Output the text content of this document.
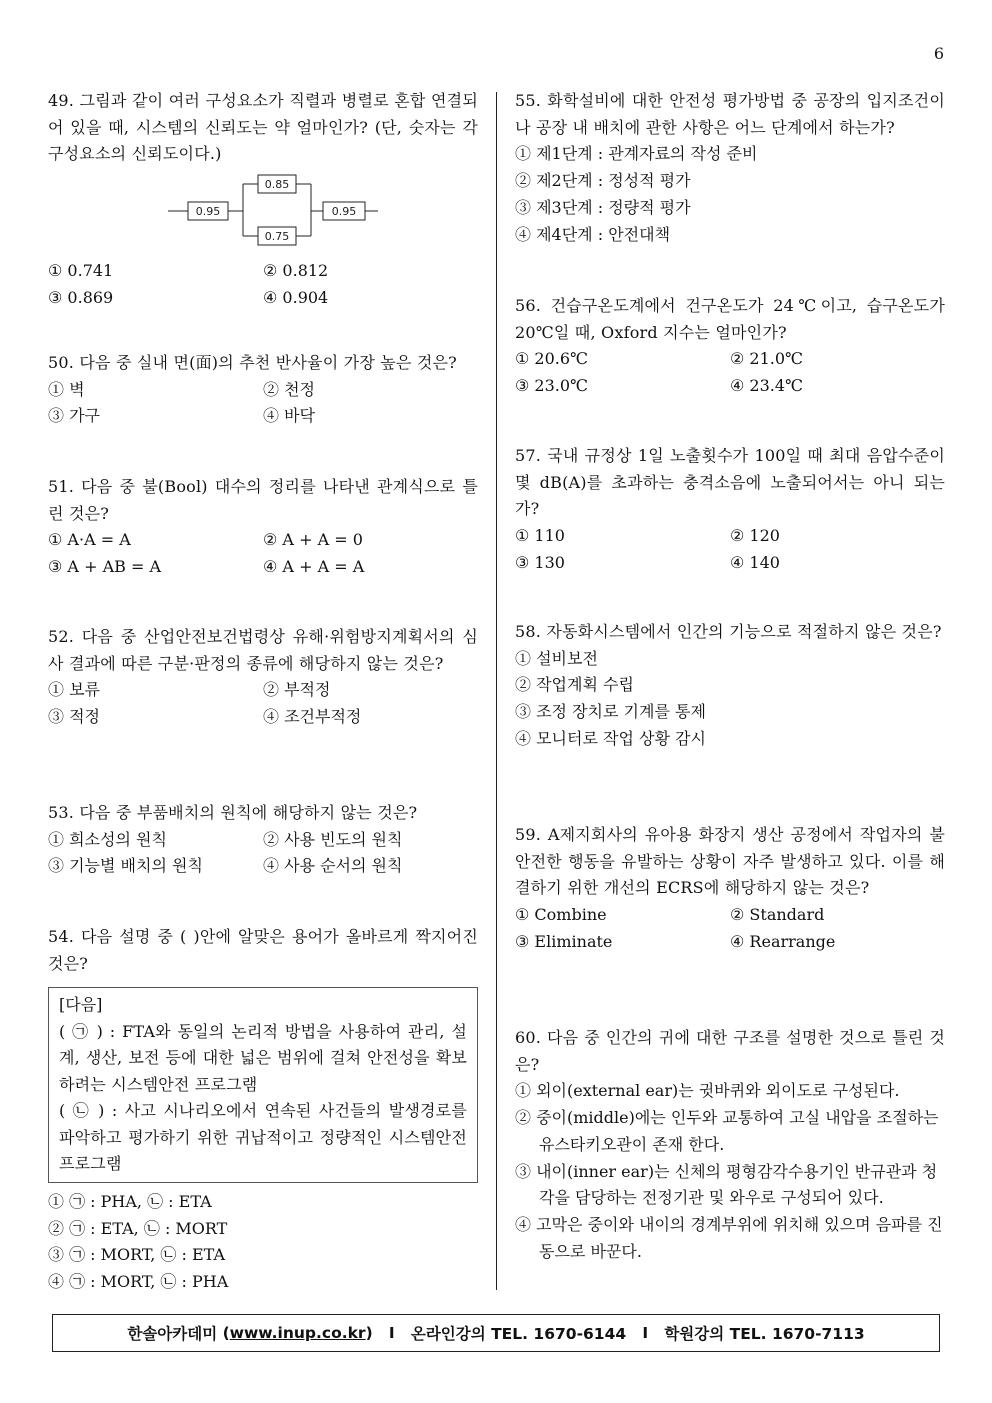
6
49. 그림과 같이 여러 구성요소가 직렬과 병렬로 혼합 연결되어 있을 때, 시스템의 신뢰도는 약 얼마인가? (단, 숫자는 각 구성요소의 신뢰도이다.)
0.95
0.85
0.75
0.95
① 0.741	② 0.812
③ 0.869	④ 0.904
50. 다음 중 실내 면(面)의 추천 반사율이 가장 높은 것은?
① 벽	② 천정
③ 가구	④ 바닥
51. 다음 중 불(Bool) 대수의 정리를 나타낸 관계식으로 틀린 것은?
① A·A = A	② A + A = 0
③ A + AB = A	④ A + A = A
52. 다음 중 산업안전보건법령상 유해·위험방지계획서의 심사 결과에 따른 구분·판정의 종류에 해당하지 않는 것은?
① 보류	② 부적정
③ 적정	④ 조건부적정
53. 다음 중 부품배치의 원칙에 해당하지 않는 것은?
① 희소성의 원칙	② 사용 빈도의 원칙
③ 기능별 배치의 원칙	④ 사용 순서의 원칙
54. 다음 설명 중 ( )안에 알맞은 용어가 올바르게 짝지어진 것은?
[다음]
( ㉠ ) : FTA와 동일의 논리적 방법을 사용하여 관리, 설계, 생산, 보전 등에 대한 넓은 범위에 걸쳐 안전성을 확보하려는 시스템안전 프로그램
( ㉡ ) : 사고 시나리오에서 연속된 사건들의 발생경로를 파악하고 평가하기 위한 귀납적이고 정량적인 시스템안전 프로그램
① ㉠ : PHA, ㉡ : ETA
② ㉠ : ETA, ㉡ : MORT
③ ㉠ : MORT, ㉡ : ETA
④ ㉠ : MORT, ㉡ : PHA
55. 화학설비에 대한 안전성 평가방법 중 공장의 입지조건이나 공장 내 배치에 관한 사항은 어느 단계에서 하는가?
① 제1단계 : 관계자료의 작성 준비
② 제2단계 : 정성적 평가
③ 제3단계 : 정량적 평가
④ 제4단계 : 안전대책
56. 건습구온도계에서 건구온도가 24℃이고, 습구온도가 20℃일 때, Oxford 지수는 얼마인가?
① 20.6℃	② 21.0℃
③ 23.0℃	④ 23.4℃
57. 국내 규정상 1일 노출횟수가 100일 때 최대 음압수준이 몇 dB(A)를 초과하는 충격소음에 노출되어서는 아니 되는가?
① 110	② 120
③ 130	④ 140
58. 자동화시스템에서 인간의 기능으로 적절하지 않은 것은?
① 설비보전
② 작업계획 수립
③ 조정 장치로 기계를 통제
④ 모니터로 작업 상황 감시
59. A제지회사의 유아용 화장지 생산 공정에서 작업자의 불안전한 행동을 유발하는 상황이 자주 발생하고 있다. 이를 해결하기 위한 개선의 ECRS에 해당하지 않는 것은?
① Combine	② Standard
③ Eliminate	④ Rearrange
60. 다음 중 인간의 귀에 대한 구조를 설명한 것으로 틀린 것은?
① 외이(external ear)는 귓바퀴와 외이도로 구성된다.
② 중이(middle)에는 인두와 교통하여 고실 내압을 조절하는 유스타키오관이 존재 한다.
③ 내이(inner ear)는 신체의 평형감각수용기인 반규관과 청각을 담당하는 전정기관 및 와우로 구성되어 있다.
④ 고막은 중이와 내이의 경계부위에 위치해 있으며 음파를 진동으로 바꾼다.
한솔아카데미 ( www.inup.co.kr ) I
온라인강의 TEL. 1670-6144
I
학원강의 TEL. 1670-7113
